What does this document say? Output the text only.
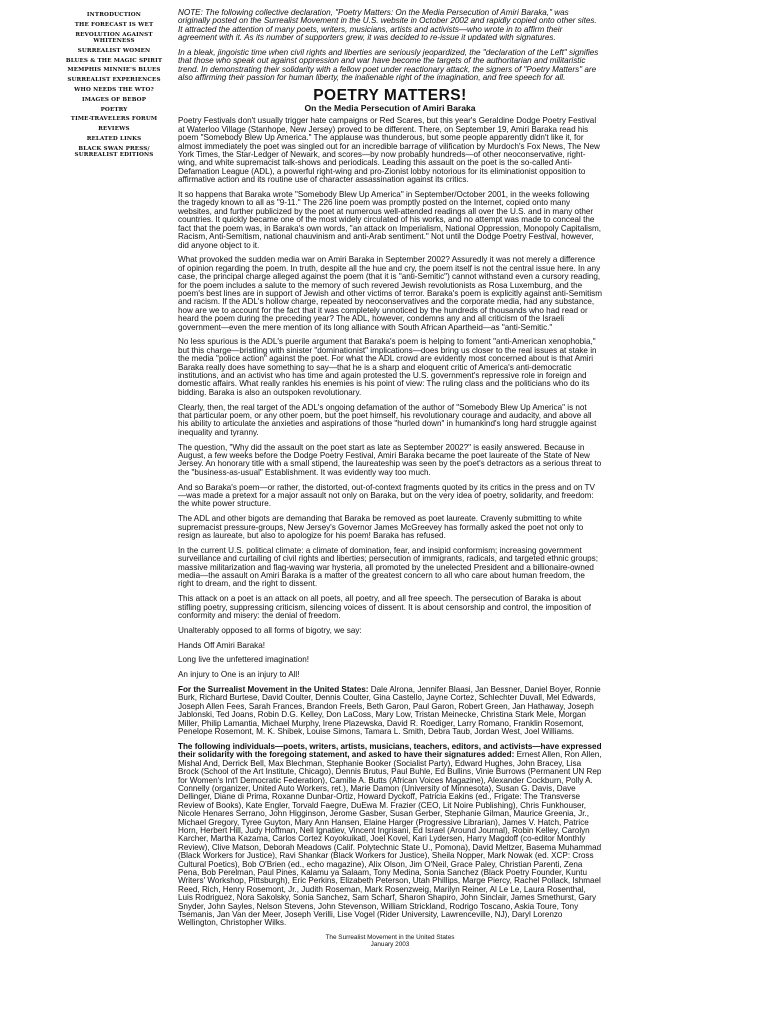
INTRODUCTION
THE FORECAST IS WET
REVOLUTION AGAINST WHITENESS
SURREALIST WOMEN
BLUES & THE MAGIC SPIRIT
MEMPHIS MINNIE'S BLUES
SURREALIST EXPERIENCES
WHO NEEDS THE WTO?
IMAGES OF BEBOP
POETRY
TIME-TRAVELERS FORUM
REVIEWS
RELATED LINKS
BLACK SWAN PRESS/ SURREALIST EDITIONS

NOTE: The following collective declaration, "Poetry Matters: On the Media Persecution of Amiri Baraka," was originally posted on the Surrealist Movement in the U.S. website in October 2002 and rapidly copied onto other sites. It attracted the attention of many poets, writers, musicians, artists and activists—who wrote in to affirm their agreement with it. As its number of supporters grew, it was decided to re-issue it updated with signatures.

In a bleak, jingoistic time when civil rights and liberties are seriously jeopardized, the "declaration of the Left" signifies that those who speak out against oppression and war have become the targets of the authoritarian and militaristic trend. In demonstrating their solidarity with a fellow poet under reactionary attack, the signers of "Poetry Matters" are also affirming their passion for human liberty, the inalienable right of the imagination, and free speech for all.

POETRY MATTERS!

On the Media Persecution of Amiri Baraka

Poetry Festivals don't usually trigger hate campaigns or Red Scares, but this year's Geraldine Dodge Poetry Festival at Waterloo Village (Stanhope, New Jersey) proved to be different. There, on September 19, Amiri Baraka read his poem "Somebody Blew Up America." The applause was thunderous, but some people apparently didn't like it, for almost immediately the poet was singled out for an incredible barrage of vilification by Murdoch's Fox News, The New York Times, the Star-Ledger of Newark, and scores—by now probably hundreds—of other neoconservative, right-wing, and white supremacist talk-shows and periodicals. Leading this assault on the poet is the so-called Anti-Defamation League (ADL), a powerful right-wing and pro-Zionist lobby notorious for its eliminationist opposition to affirmative action and its routine use of character assassination against its critics.

It so happens that Baraka wrote "Somebody Blew Up America" in September/October 2001, in the weeks following the tragedy known to all as "9-11." The 226 line poem was promptly posted on the Internet, copied onto many websites, and further publicized by the poet at numerous well-attended readings all over the U.S. and in many other countries. It quickly became one of the most widely circulated of his works, and no attempt was made to conceal the fact that the poem was, in Baraka's own words, "an attack on Imperialism, National Oppression, Monopoly Capitalism, Racism, Anti-Semitism, national chauvinism and anti-Arab sentiment." Not until the Dodge Poetry Festival, however, did anyone object to it.

What provoked the sudden media war on Amiri Baraka in September 2002? Assuredly it was not merely a difference of opinion regarding the poem. In truth, despite all the hue and cry, the poem itself is not the central issue here. In any case, the principal charge alleged against the poem (that it is "anti-Semitic") cannot withstand even a cursory reading, for the poem includes a salute to the memory of such revered Jewish revolutionists as Rosa Luxemburg, and the poem's best lines are in support of Jewish and other victims of terror. Baraka's poem is explicitly against anti-Semitism and racism. If the ADL's hollow charge, repeated by neoconservatives and the corporate media, had any substance, how are we to account for the fact that it was completely unnoticed by the hundreds of thousands who had read or heard the poem during the preceding year? The ADL, however, condemns any and all criticism of the Israeli government—even the mere mention of its long alliance with South African Apartheid—as "anti-Semitic."

No less spurious is the ADL's puerile argument that Baraka's poem is helping to foment "anti-American xenophobia," but this charge—bristling with sinister "dominationist" implications—does bring us closer to the real issues at stake in the media "police action" against the poet. For what the ADL crowd are evidently most concerned about is that Amiri Baraka really does have something to say—that he is a sharp and eloquent critic of America's anti-democratic institutions, and an activist who has time and again protested the U.S. government's repressive role in foreign and domestic affairs. What really rankles his enemies is his point of view: The ruling class and the politicians who do its bidding. Baraka is also an outspoken revolutionary.

Clearly, then, the real target of the ADL's ongoing defamation of the author of "Somebody Blew Up America" is not that particular poem, or any other poem, but the poet himself, his revolutionary courage and audacity, and above all his ability to articulate the anxieties and aspirations of those "hurled down" in humankind's long hard struggle against inequality and tyranny.

The question, "Why did the assault on the poet start as late as September 2002?" is easily answered. Because in August, a few weeks before the Dodge Poetry Festival, Amiri Baraka became the poet laureate of the State of New Jersey. An honorary title with a small stipend, the laureateship was seen by the poet's detractors as a serious threat to the "business-as-usual" Establishment. It was evidently way too much.

And so Baraka's poem—or rather, the distorted, out-of-context fragments quoted by its critics in the press and on TV—was made a pretext for a major assault not only on Baraka, but on the very idea of poetry, solidarity, and freedom: the white power structure.

The ADL and other bigots are demanding that Baraka be removed as poet laureate. Cravenly submitting to white supremacist pressure-groups, New Jersey's Governor James McGreevey has formally asked the poet not only to resign as laureate, but also to apologize for his poem! Baraka has refused.

In the current U.S. political climate: a climate of domination, fear, and insipid conformism; increasing government surveillance and curtailing of civil rights and liberties; persecution of immigrants, radicals, and targeted ethnic groups; massive militarization and flag-waving war hysteria, all promoted by the unelected President and a billionaire-owned media—the assault on Amiri Baraka is a matter of the greatest concern to all who care about human freedom, the right to dream, and the right to dissent.

This attack on a poet is an attack on all poets, all poetry, and all free speech. The persecution of Baraka is about stifling poetry, suppressing criticism, silencing voices of dissent. It is about censorship and control, the imposition of conformity and misery: the denial of freedom.

Unalterably opposed to all forms of bigotry, we say:

Hands Off Amiri Baraka!

Long live the unfettered imagination!

An injury to One is an injury to All!

For the Surrealist Movement in the United States: Dale Alrona, Jennifer Blaasi, Jan Bessner, Daniel Boyer, Ronnie Burk, Richard Burtese, David Coulter, Dennis Coulter, Gina Castello, Jayne Cortez, Schlechter Duvall, Mel Edwards, Joseph Allen Fees, Sarah Frances, Brandon Freels, Beth Garon, Paul Garon, Robert Green, Jan Hathaway, Joseph Jablonski, Ted Joans, Robin D.G. Kelley, Don LaCoss, Mary Low, Tristan Meinecke, Christina Stark Mele, Morgan Miller, Philip Lamantia, Michael Murphy, Irene Plazewska, David R. Roediger, Larry Romano, Franklin Rosemont, Penelope Rosemont, M. K. Shibek, Louise Simons, Tamara L. Smith, Debra Taub, Jordan West, Joel Williams.

The following individuals—poets, writers, artists, musicians, teachers, editors, and activists—have expressed their solidarity with the foregoing statement, and asked to have their signatures added: Ernest Allen, Ron Allen, Mishal And, Derrick Bell, Max Blechman, Stephanie Booker (Socialist Party), Edward Hughes, John Bracey, Lisa Brock (School of the Art Institute, Chicago), Dennis Brutus, Paul Buhle, Ed Bullins, Vinie Burrows (Permanent UN Rep for Women's Int'l Democratic Federation), Camille A. Butts (African Voices Magazine), Alexander Cockburn, Polly A. Connelly (organizer, United Auto Workers, ret.), Marie Damon (University of Minnesota), Susan G. Davis, Dave Dellinger, Diane di Prima, Roxanne Dunbar-Ortiz, Howard Dyckoff, Patricia Eakins (ed., Frigate: The Transverse Review of Books), Kate Engler, Torvald Faegre, DuEwa M. Frazier (CEO, Lit Noire Publishing), Chris Funkhouser, Nicole Henares Serrano, John Higginson, Jerome Gasber, Susan Gerber, Stephanie Gilman, Maurice Greenia, Jr., Michael Gregory, Tyree Guyton, Mary Ann Hansen, Elaine Harger (Progressive Librarian), James V. Hatch, Patrice Horn, Herbert Hill, Judy Hoffman, Nell Ignatiev, Vincent Ingrisani, Ed Israel (Around Journal), Robin Kelley, Carolyn Karcher, Martha Kazama, Carlos Cortez Koyokuikatl, Joel Kovel, Kari Lydersen, Harry Magdoff (co-editor Monthly Review), Clive Matson, Deborah Meadows (Calif. Polytechnic State U., Pomona), David Meltzer, Basema Muhammad (Black Workers for Justice), Ravi Shankar (Black Workers for Justice), Sheila Nopper, Mark Nowak (ed. XCP: Cross Cultural Poetics), Bob O'Brien (ed., echo magazine), Alix Olson, Jim O'Neil, Grace Paley, Christian Parenti, Zena Pena, Bob Perelman, Paul Pines, Kalamu ya Salaam, Tony Medina, Sonia Sanchez (Black Poetry Founder, Kuntu Writers' Workshop, Pittsburgh), Eric Perkins, Elizabeth Peterson, Utah Phillips, Marge Piercy, Rachel Pollack, Ishmael Reed, Rich, Henry Rosemont, Jr., Judith Roseman, Mark Rosenzweig, Marilyn Reiner, Al Le Le, Laura Rosenthal, Luis Rodriguez, Nora Sakolsky, Sonia Sanchez, Sam Scharf, Sharon Shapiro, John Sinclair, James Smethurst, Gary Snyder, John Sayles, Nelson Stevens, John Stevenson, William Strickland, Rodrigo Toscano, Askia Toure, Tony Tsemanis, Jan Van der Meer, Joseph Verilli, Lise Vogel (Rider University, Lawrenceville, NJ), Daryl Lorenzo Wellington, Christopher Wilks.

The Surrealist Movement in the United States
January 2003
